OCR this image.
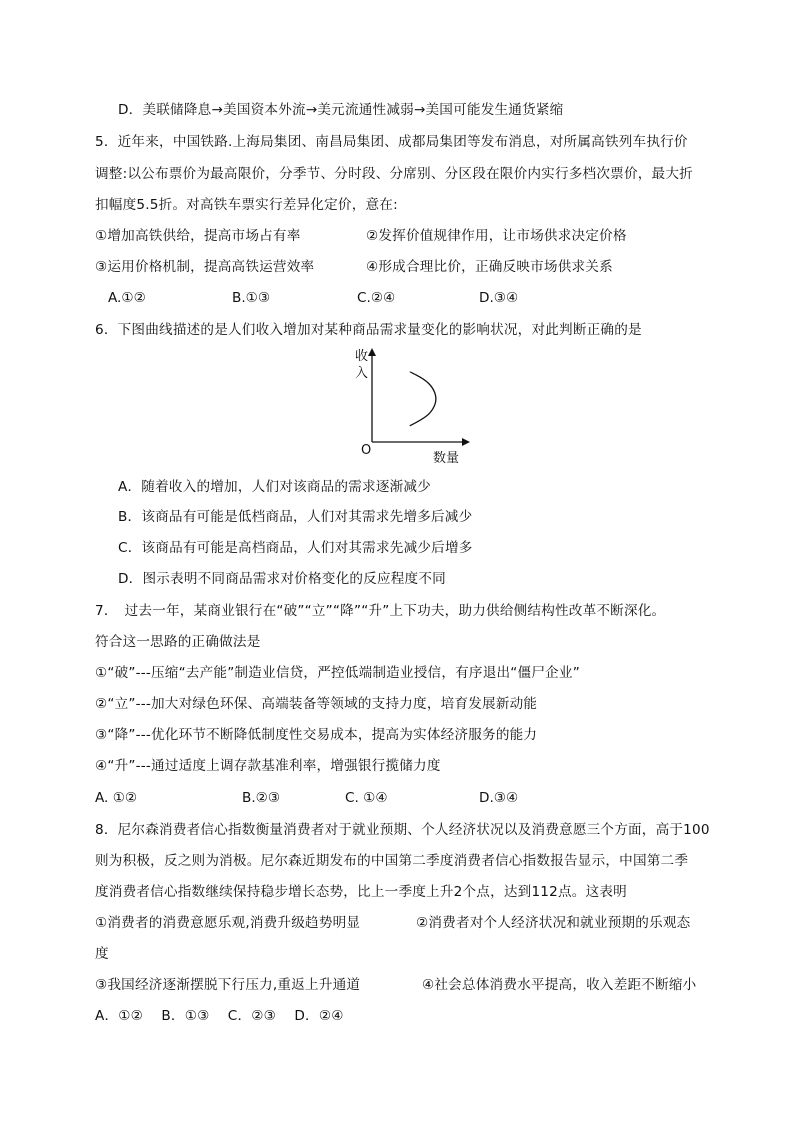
D．美联储降息→美国资本外流→美元流通性减弱→美国可能发生通货紧缩
5．近年来，中国铁路.上海局集团、南昌局集团、成都局集团等发布消息，对所属高铁列车执行价
调整:以公布票价为最高限价，分季节、分时段、分席别、分区段在限价内实行多档次票价，最大折
扣幅度5.5折。对高铁车票实行差异化定价，意在:
①增加高铁供给，提高市场占有率	②发挥价值规律作用，让市场供求决定价格
③运用价格机制，提高高铁运营效率	④形成合理比价，正确反映市场供求关系
A.①②	B.①③	C.②④	D.③④
6．下图曲线描述的是人们收入增加对某种商品需求量变化的影响状况，对此判断正确的是
收
入
O
数量
A．随着收入的增加，人们对该商品的需求逐渐减少
B．该商品有可能是低档商品，人们对其需求先增多后减少
C．该商品有可能是高档商品，人们对其需求先减少后增多
D．图示表明不同商品需求对价格变化的反应程度不同
7．　过去一年，某商业银行在“破”“立”“降”“升”上下功夫，助力供给侧结构性改革不断深化。
符合这一思路的正确做法是
①“破”---压缩“去产能”制造业信贷，严控低端制造业授信，有序退出“僵尸企业”
②“立”---加大对绿色环保、高端装备等领域的支持力度，培育发展新动能
③“降”---优化环节不断降低制度性交易成本，提高为实体经济服务的能力
④“升”---通过适度上调存款基准利率，增强银行揽储力度
A. ①②	B.②③	C. ①④	D.③④
8．尼尔森消费者信心指数衡量消费者对于就业预期、个人经济状况以及消费意愿三个方面，高于100
则为积极，反之则为消极。尼尔森近期发布的中国第二季度消费者信心指数报告显示，中国第二季
度消费者信心指数继续保持稳步增长态势，比上一季度上升2个点，达到112点。这表明
①消费者的消费意愿乐观,消费升级趋势明显	②消费者对个人经济状况和就业预期的乐观态
度
③我国经济逐渐摆脱下行压力,重返上升通道	④社会总体消费水平提高，收入差距不断缩小
A．①②　 B．①③　 C．②③　 D．②④
